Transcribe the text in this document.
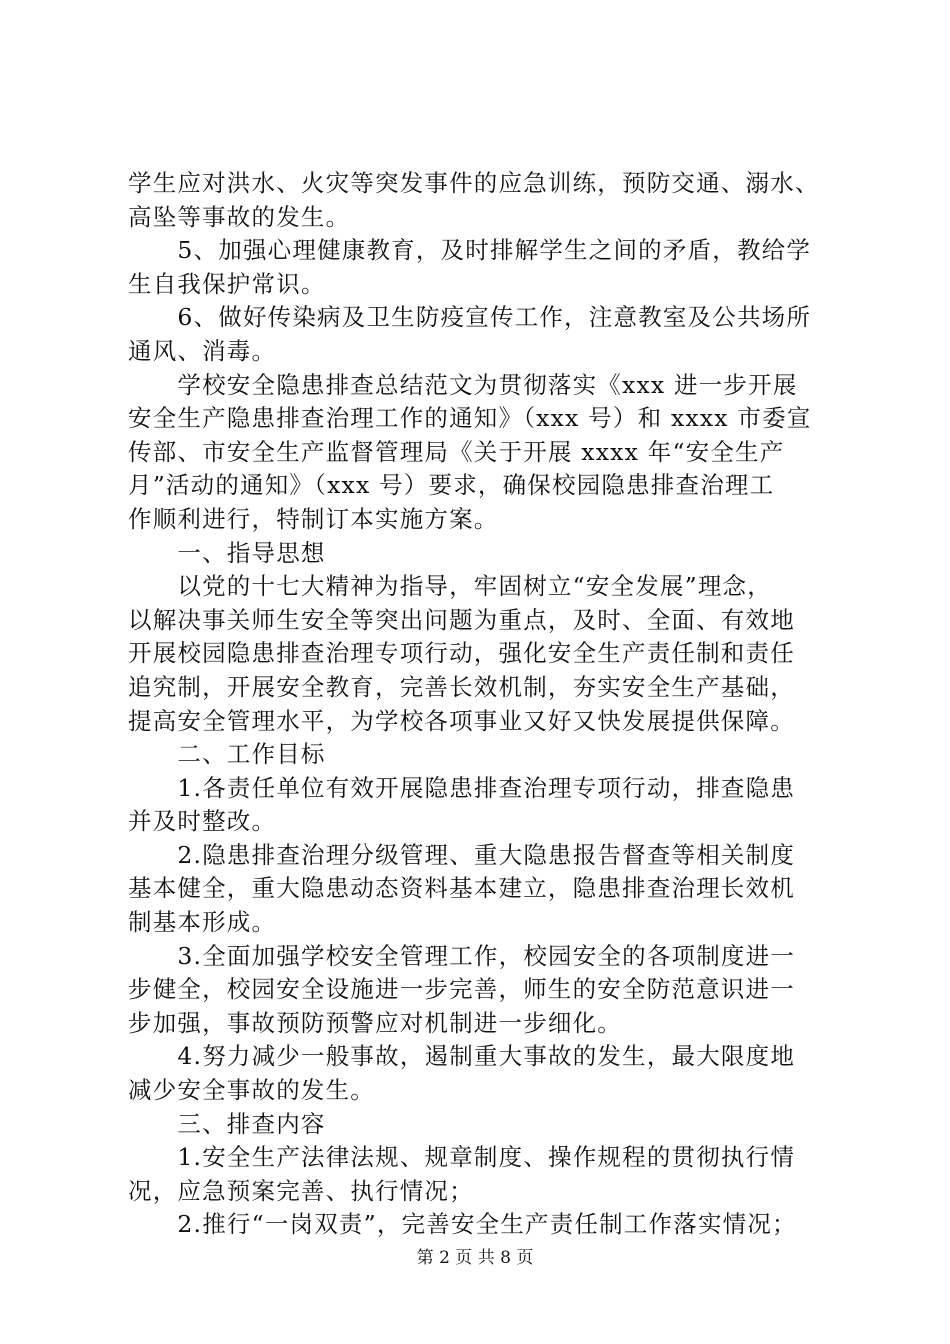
学生应对洪水、火灾等突发事件的应急训练，预防交通、溺水、
高坠等事故的发生。
　　5、加强心理健康教育，及时排解学生之间的矛盾，教给学
生自我保护常识。
　　6、做好传染病及卫生防疫宣传工作，注意教室及公共场所
通风、消毒。
　　学校安全隐患排查总结范文为贯彻落实《xxx 进一步开展
安全生产隐患排查治理工作的通知》（xxx 号）和 xxxx 市委宣
传部、市安全生产监督管理局《关于开展 xxxx 年“安全生产
月”活动的通知》（xxx 号）要求，确保校园隐患排查治理工
作顺利进行，特制订本实施方案。
　　一、指导思想
　　以党的十七大精神为指导，牢固树立“安全发展”理念，
以解决事关师生安全等突出问题为重点，及时、全面、有效地
开展校园隐患排查治理专项行动，强化安全生产责任制和责任
追究制，开展安全教育，完善长效机制，夯实安全生产基础，
提高安全管理水平，为学校各项事业又好又快发展提供保障。
　　二、工作目标
　　1.各责任单位有效开展隐患排查治理专项行动，排查隐患
并及时整改。
　　2.隐患排查治理分级管理、重大隐患报告督查等相关制度
基本健全，重大隐患动态资料基本建立，隐患排查治理长效机
制基本形成。
　　3.全面加强学校安全管理工作，校园安全的各项制度进一
步健全，校园安全设施进一步完善，师生的安全防范意识进一
步加强，事故预防预警应对机制进一步细化。
　　4.努力减少一般事故，遏制重大事故的发生，最大限度地
减少安全事故的发生。
　　三、排查内容
　　1.安全生产法律法规、规章制度、操作规程的贯彻执行情
况，应急预案完善、执行情况；
　　2.推行“一岗双责”，完善安全生产责任制工作落实情况；
第 2 页 共 8 页
